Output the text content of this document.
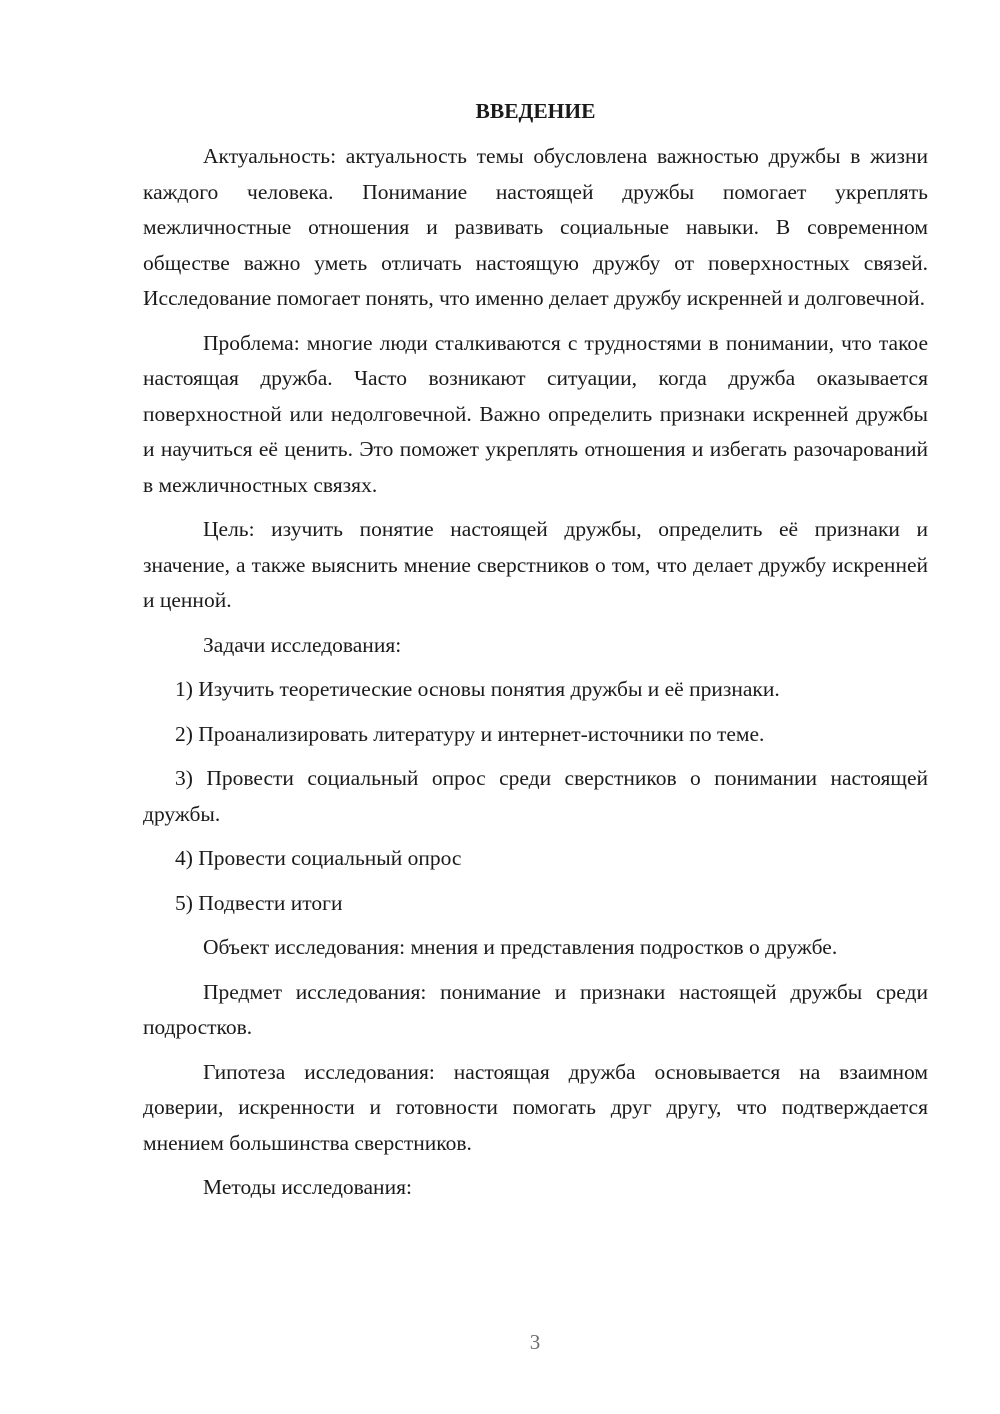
ВВЕДЕНИЕ

Актуальность: актуальность темы обусловлена важностью дружбы в жизни каждого человека. Понимание настоящей дружбы помогает укреплять межличностные отношения и развивать социальные навыки. В современном обществе важно уметь отличать настоящую дружбу от поверхностных связей. Исследование помогает понять, что именно делает дружбу искренней и долговечной.

Проблема: многие люди сталкиваются с трудностями в понимании, что такое настоящая дружба. Часто возникают ситуации, когда дружба оказывается поверхностной или недолговечной. Важно определить признаки искренней дружбы и научиться её ценить. Это поможет укреплять отношения и избегать разочарований в межличностных связях.

Цель: изучить понятие настоящей дружбы, определить её признаки и значение, а также выяснить мнение сверстников о том, что делает дружбу искренней и ценной.

Задачи исследования:

1) Изучить теоретические основы понятия дружбы и её признаки.

2) Проанализировать литературу и интернет-источники по теме.

3) Провести социальный опрос среди сверстников о понимании настоящей дружбы.

4) Провести социальный опрос

5) Подвести итоги

Объект исследования: мнения и представления подростков о дружбе.

Предмет исследования: понимание и признаки настоящей дружбы среди подростков.

Гипотеза исследования: настоящая дружба основывается на взаимном доверии, искренности и готовности помогать друг другу, что подтверждается мнением большинства сверстников.

Методы исследования:

3
